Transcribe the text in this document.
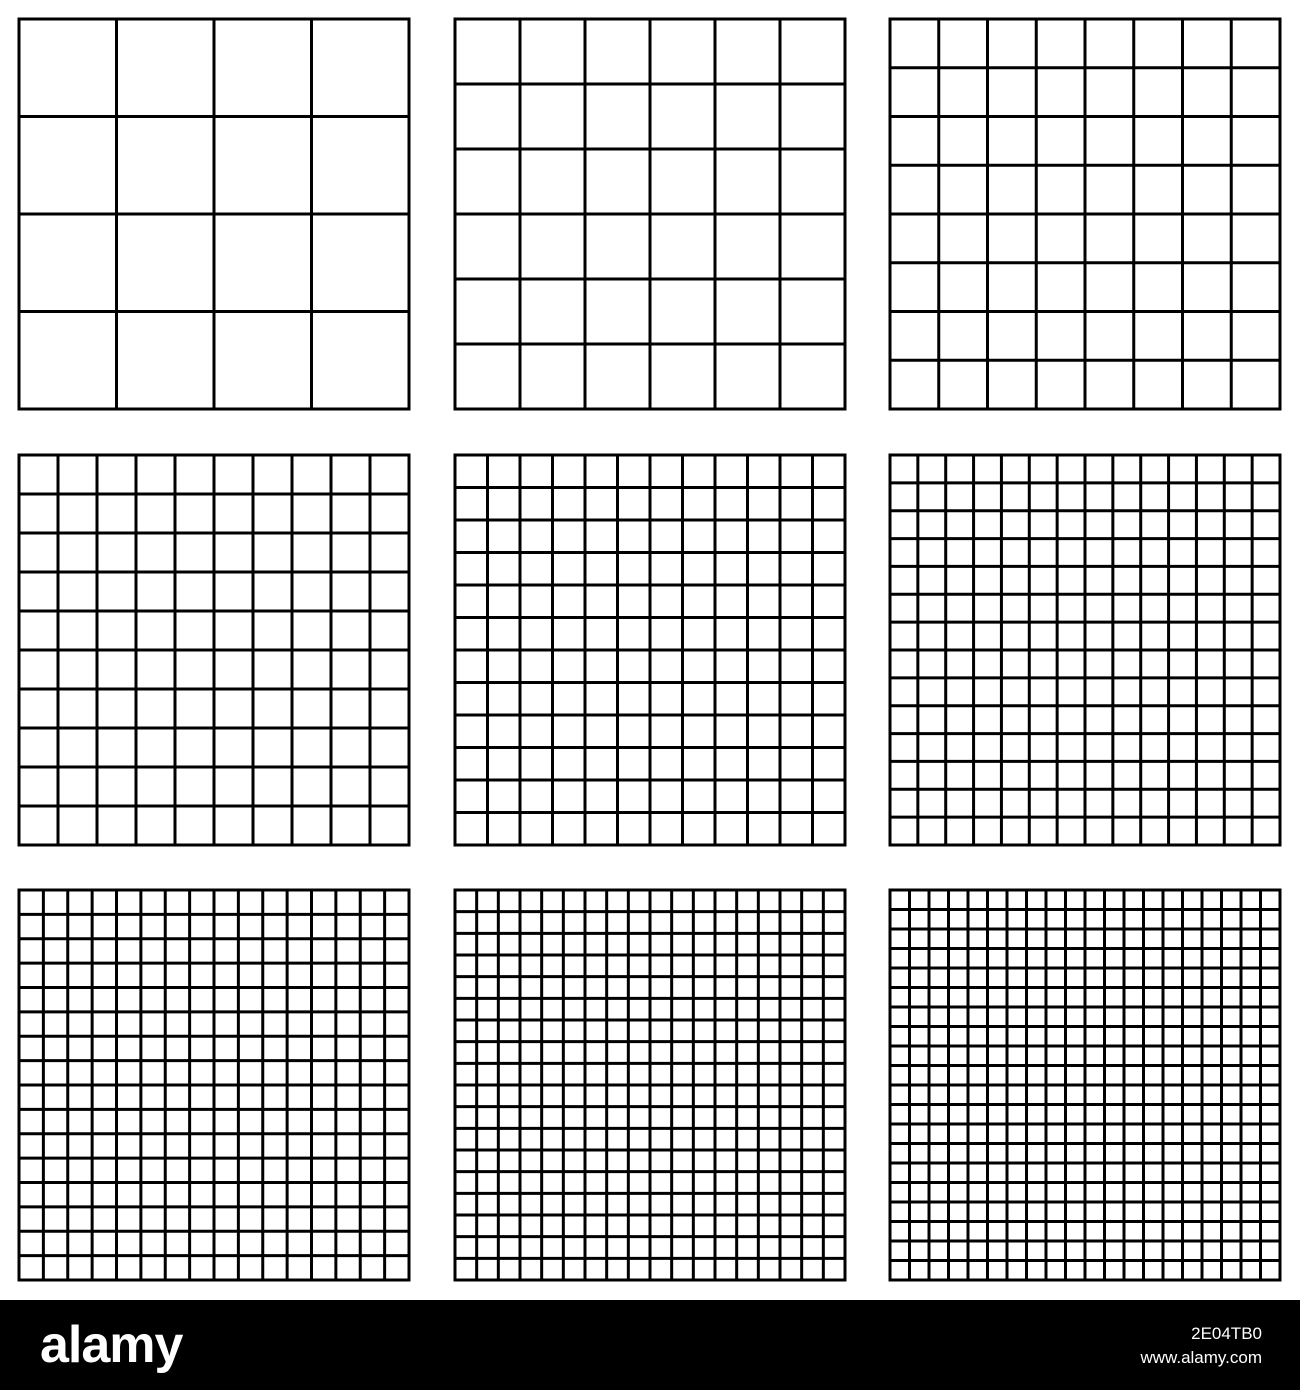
alamy	2E04TB0
www.alamy.com
